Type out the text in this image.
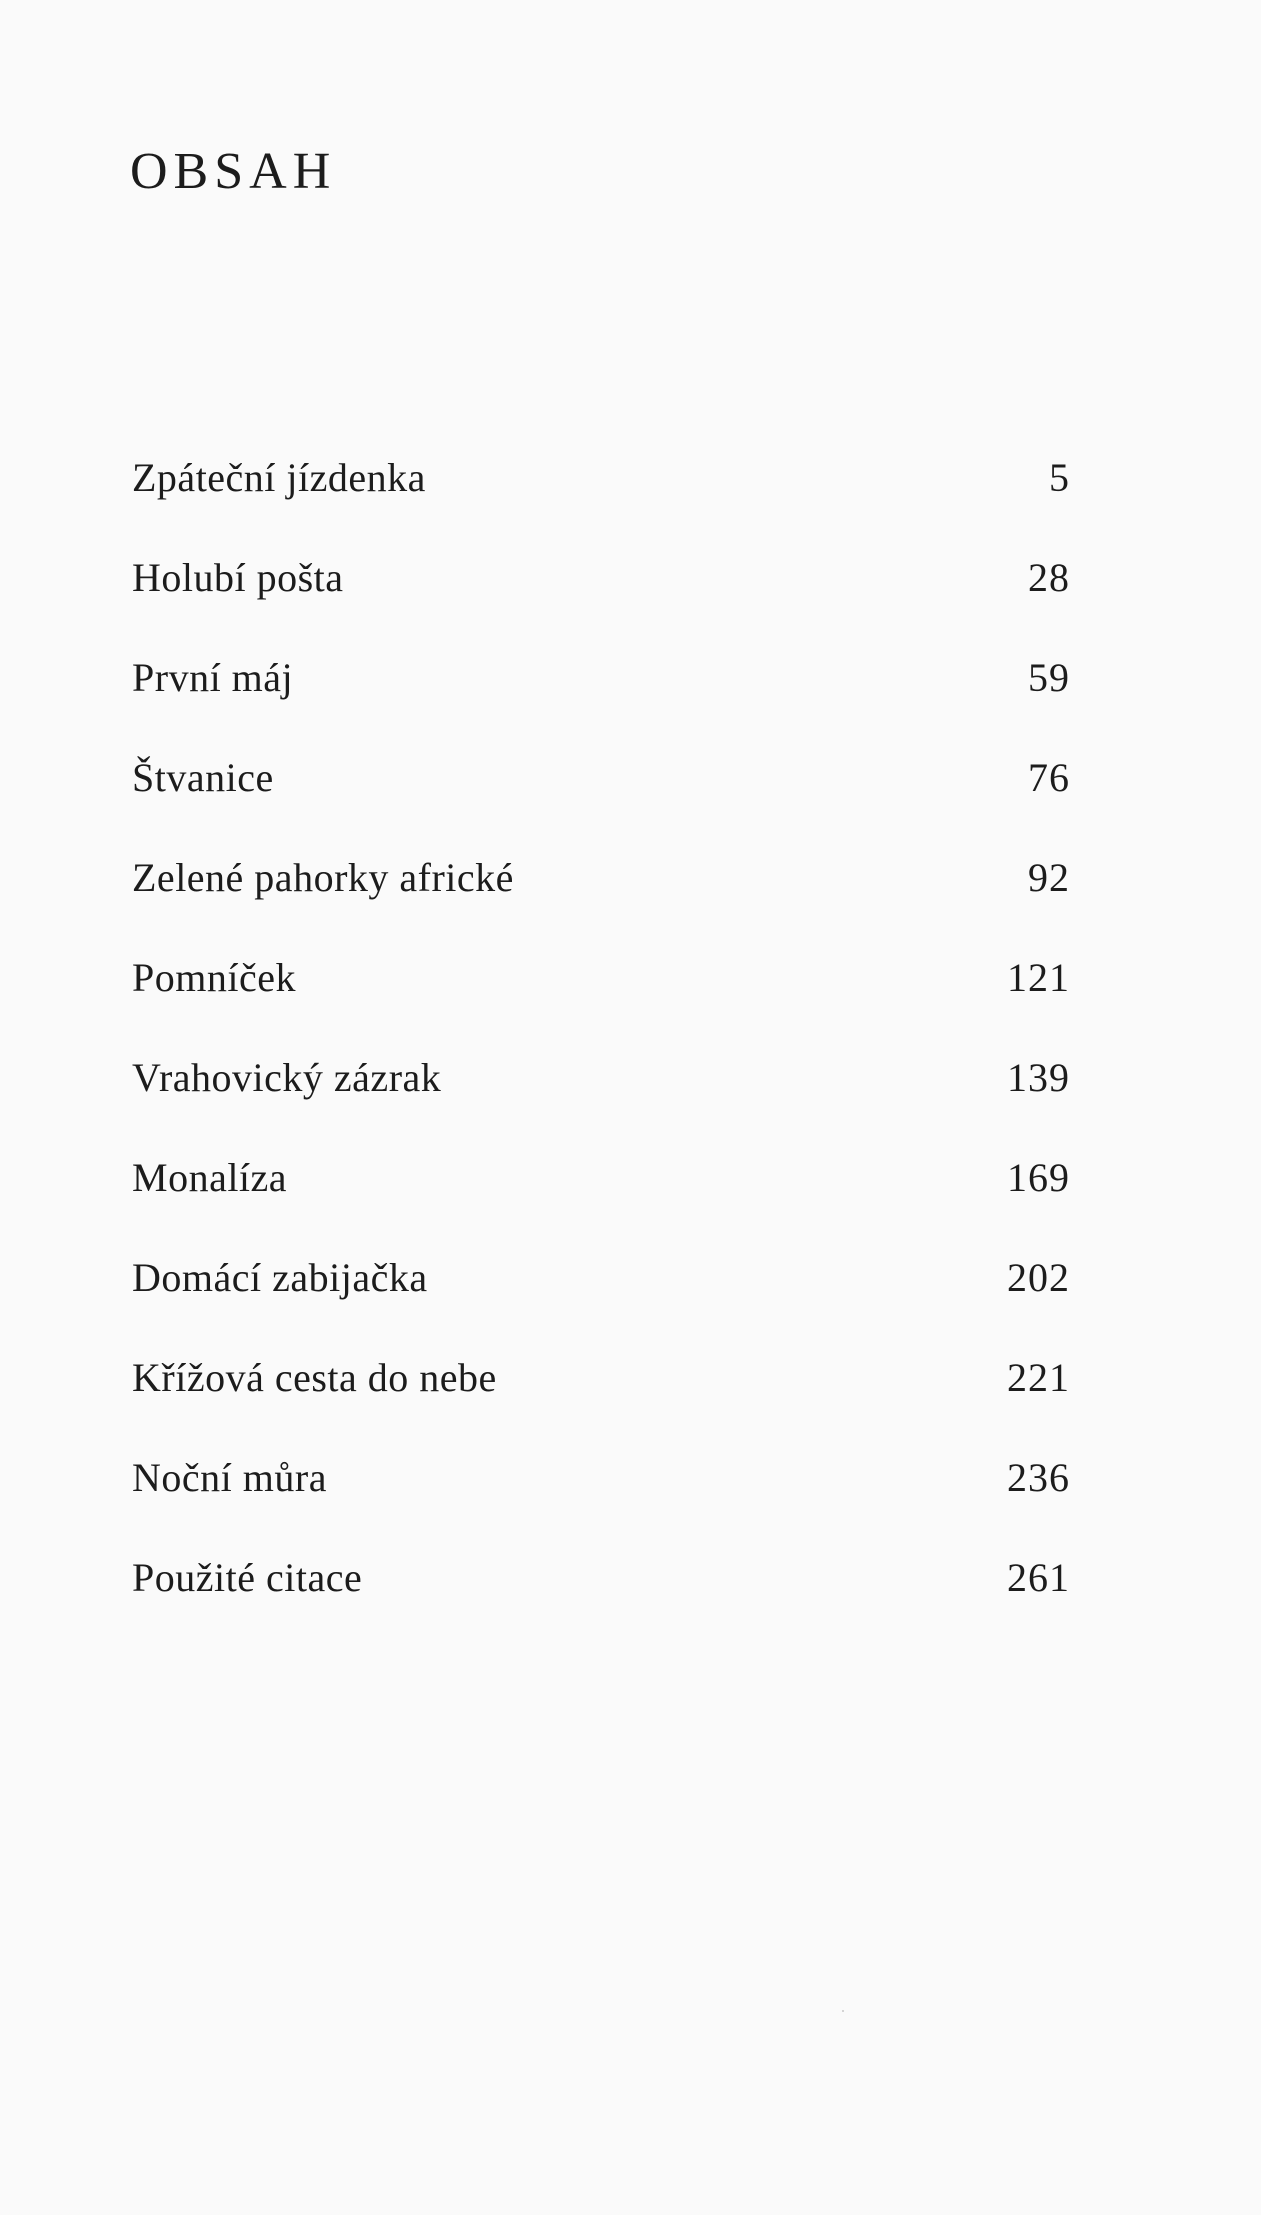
OBSAH
Zpáteční jízdenka	5
Holubí pošta	28
První máj	59
Štvanice	76
Zelené pahorky africké	92
Pomníček	121
Vrahovický zázrak	139
Monalíza	169
Domácí zabijačka	202
Křížová cesta do nebe	221
Noční můra	236
Použité citace	261
